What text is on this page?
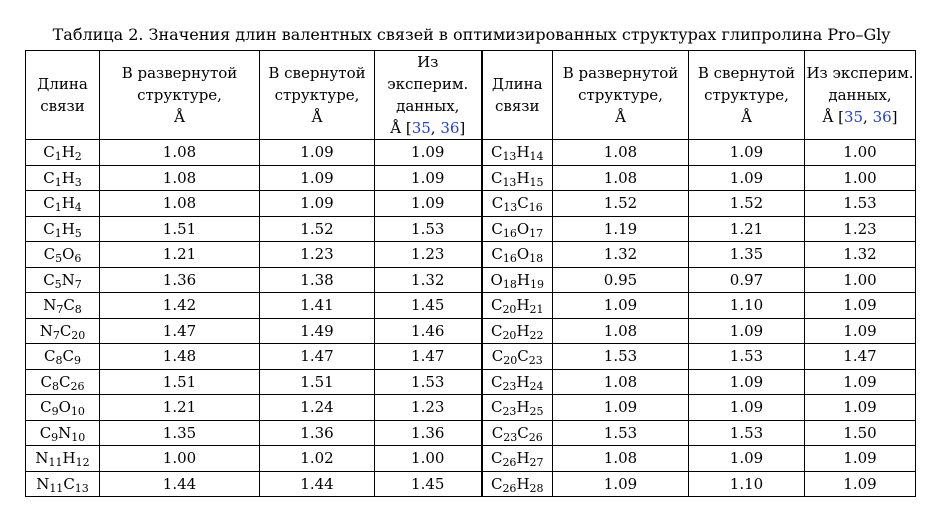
Таблица 2. Значения длин валентных связей в оптимизированных структурах глипролина Pro–Gly
Длина
связи	В развернутой
структуре,
Å	В свернутой
структуре,
Å	Из эксперим.
данных,
Å [35, 36]	Длина
связи	В развернутой
структуре,
Å	В свернутой
структуре,
Å	Из эксперим.
данных,
Å [35, 36]
$C_1H_2$	1.08	1.09	1.09	$C_{13}H_{14}$	1.08	1.09	1.00
$C_1H_3$	1.08	1.09	1.09	$C_{13}H_{15}$	1.08	1.09	1.00
$C_1H_4$	1.08	1.09	1.09	$C_{13}C_{16}$	1.52	1.52	1.53
$C_1H_5$	1.51	1.52	1.53	$C_{16}O_{17}$	1.19	1.21	1.23
$C_5O_6$	1.21	1.23	1.23	$C_{16}O_{18}$	1.32	1.35	1.32
$C_5N_7$	1.36	1.38	1.32	$O_{18}H_{19}$	0.95	0.97	1.00
$N_7C_8$	1.42	1.41	1.45	$C_{20}H_{21}$	1.09	1.10	1.09
$N_7C_{20}$	1.47	1.49	1.46	$C_{20}H_{22}$	1.08	1.09	1.09
$C_8C_9$	1.48	1.47	1.47	$C_{20}C_{23}$	1.53	1.53	1.47
$C_8C_{26}$	1.51	1.51	1.53	$C_{23}H_{24}$	1.08	1.09	1.09
$C_9O_{10}$	1.21	1.24	1.23	$C_{23}H_{25}$	1.09	1.09	1.09
$C_9N_{10}$	1.35	1.36	1.36	$C_{23}C_{26}$	1.53	1.53	1.50
$N_{11}H_{12}$	1.00	1.02	1.00	$C_{26}H_{27}$	1.08	1.09	1.09
$N_{11}C_{13}$	1.44	1.44	1.45	$C_{26}H_{28}$	1.09	1.10	1.09
